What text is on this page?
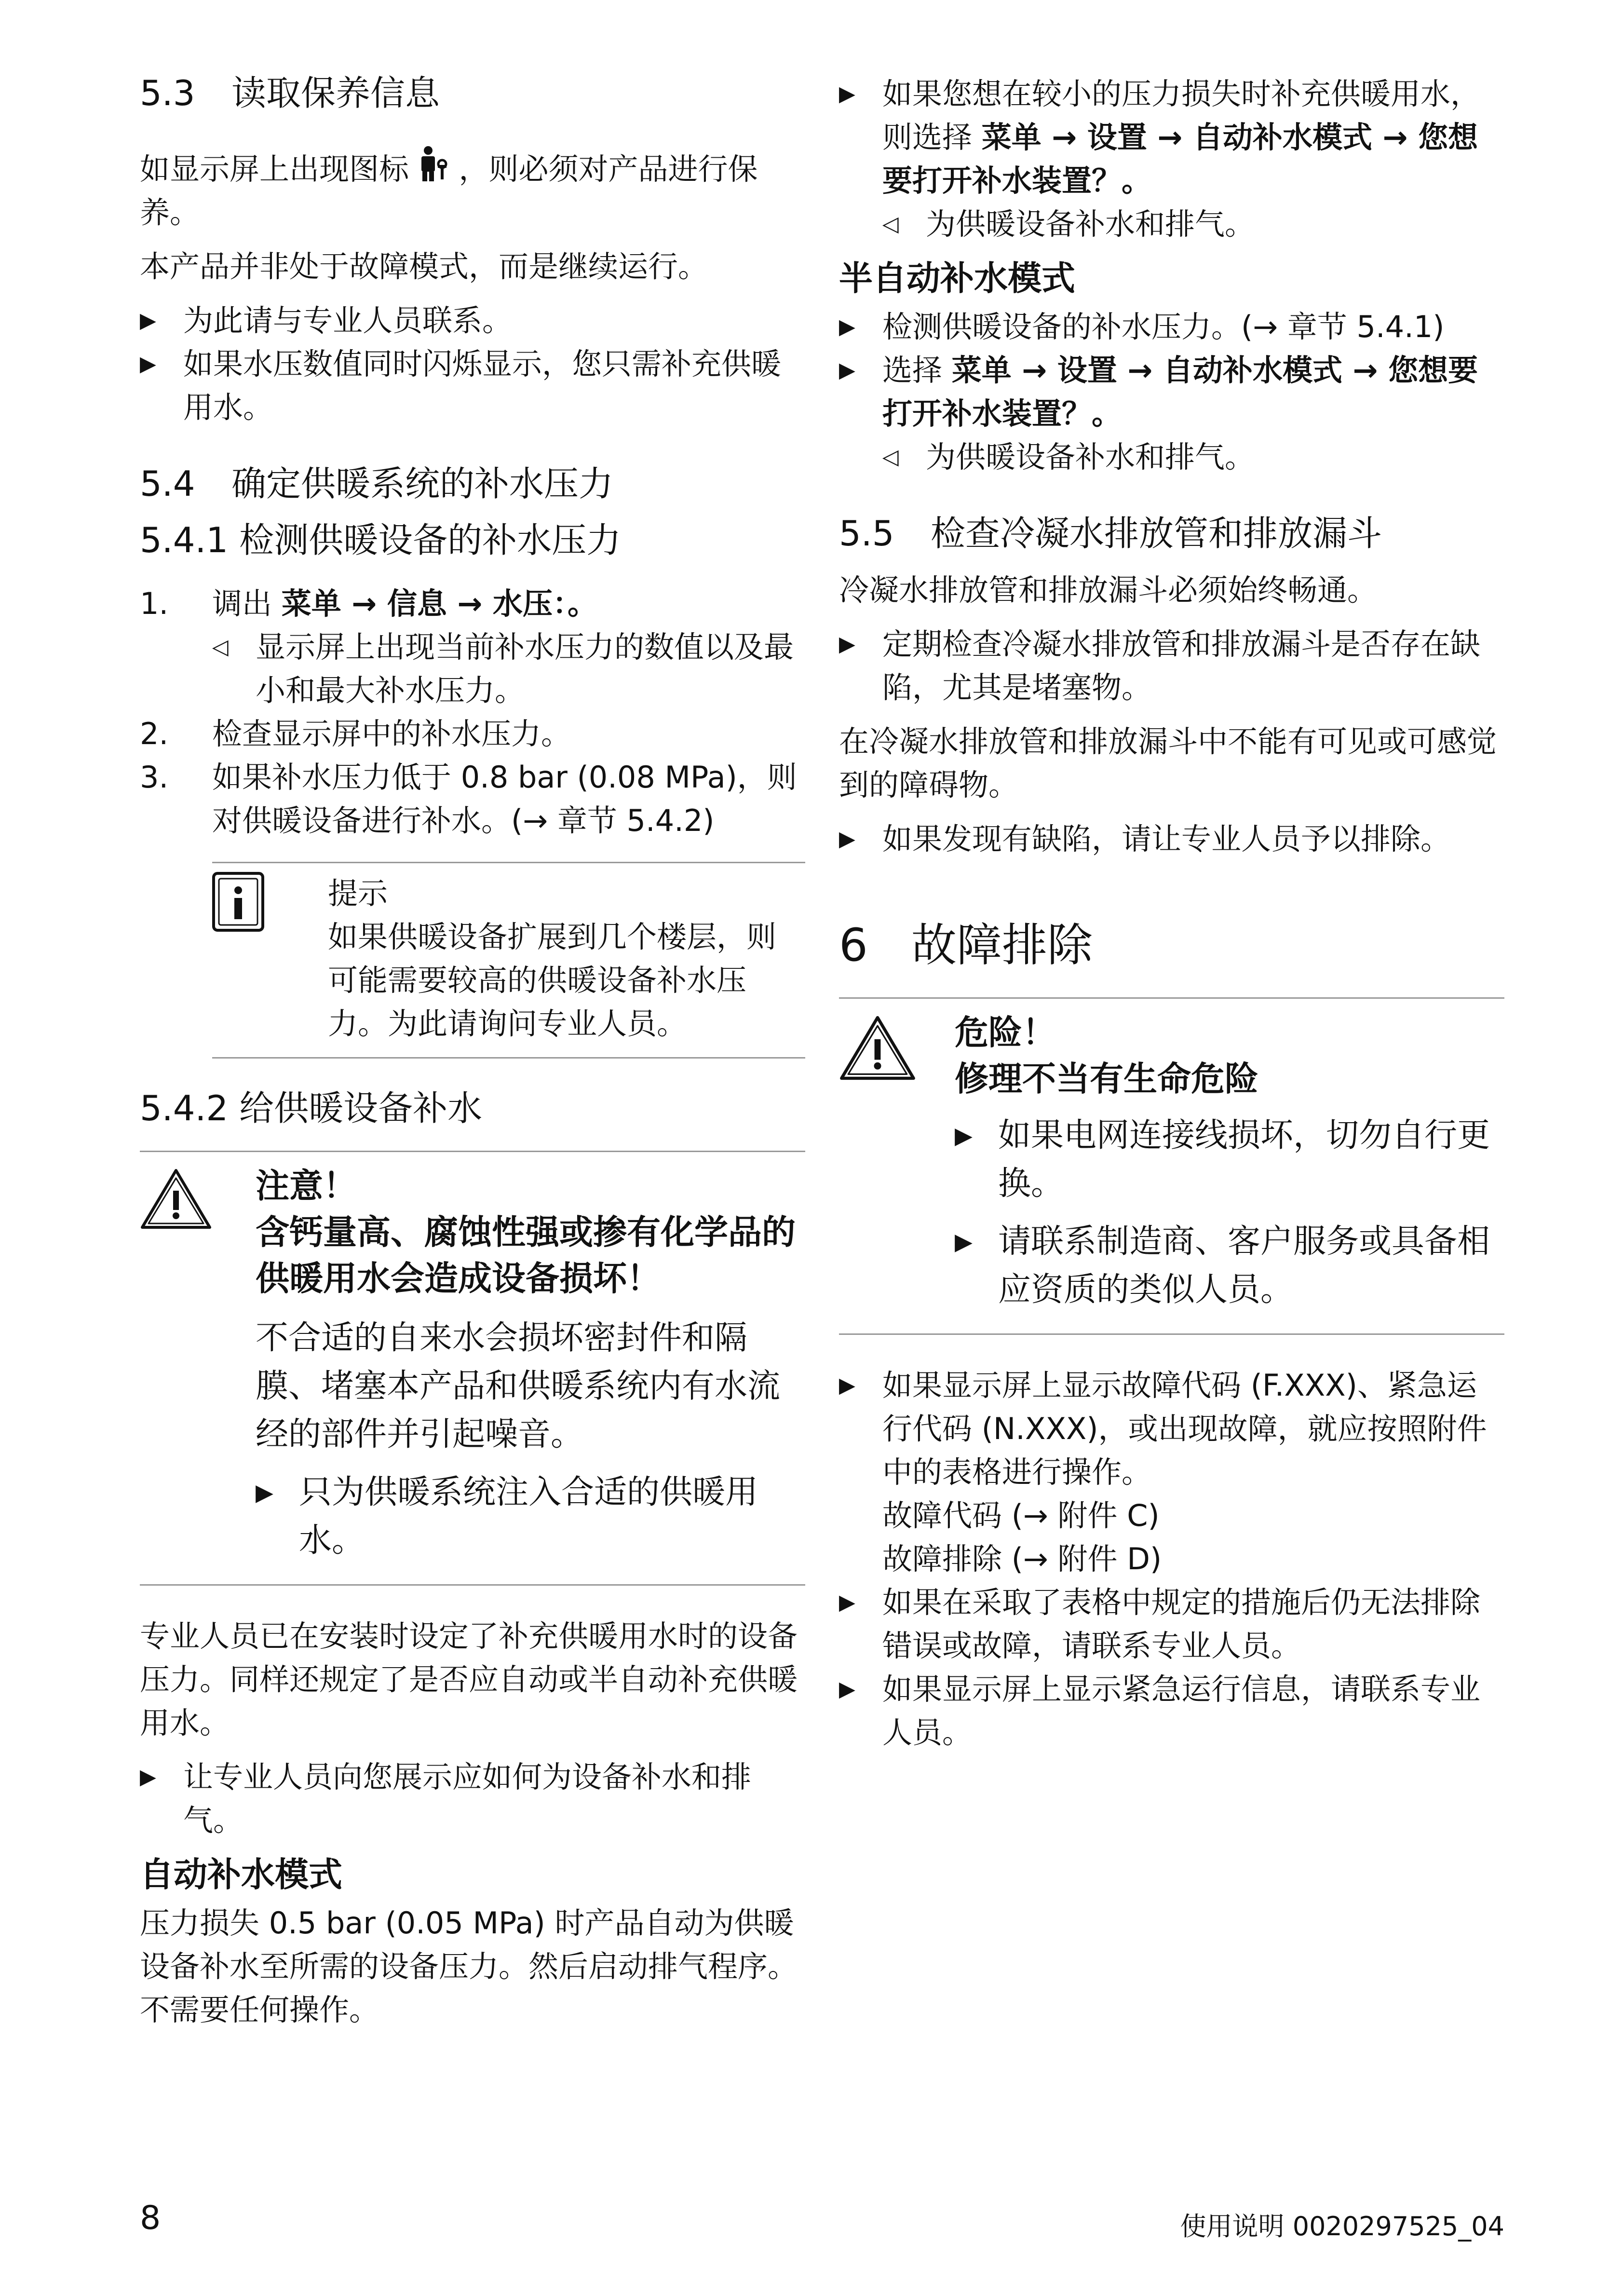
5.3 读取保养信息
如显示屏上出现图标 ，则必须对产品进行保养。
本产品并非处于故障模式，而是继续运行。
▶ 为此请与专业人员联系。
▶ 如果水压数值同时闪烁显示，您只需补充供暖用水。
5.4 确定供暖系统的补水压力
5.4.1 检测供暖设备的补水压力
1. 调出 菜单 → 信息 → 水压：。
◁ 显示屏上出现当前补水压力的数值以及最小和最大补水压力。
2. 检查显示屏中的补水压力。
3. 如果补水压力低于 0.8 bar (0.08 MPa)，则对供暖设备进行补水。(→ 章节 5.4.2)
提示
如果供暖设备扩展到几个楼层，则可能需要较高的供暖设备补水压力。为此请询问专业人员。
5.4.2 给供暖设备补水
注意！
含钙量高、腐蚀性强或掺有化学品的供暖用水会造成设备损坏！
不合适的自来水会损坏密封件和隔膜、堵塞本产品和供暖系统内有水流经的部件并引起噪音。
▶ 只为供暖系统注入合适的供暖用水。
专业人员已在安装时设定了补充供暖用水时的设备压力。同样还规定了是否应自动或半自动补充供暖用水。
▶ 让专业人员向您展示应如何为设备补水和排气。
自动补水模式
压力损失 0.5 bar (0.05 MPa) 时产品自动为供暖设备补水至所需的设备压力。然后启动排气程序。不需要任何操作。
▶ 如果您想在较小的压力损失时补充供暖用水，则选择 菜单 → 设置 → 自动补水模式 → 您想要打开补水装置？。
◁ 为供暖设备补水和排气。
半自动补水模式
▶ 检测供暖设备的补水压力。(→ 章节 5.4.1)
▶ 选择 菜单 → 设置 → 自动补水模式 → 您想要打开补水装置？。
◁ 为供暖设备补水和排气。
5.5 检查冷凝水排放管和排放漏斗
冷凝水排放管和排放漏斗必须始终畅通。
▶ 定期检查冷凝水排放管和排放漏斗是否存在缺陷，尤其是堵塞物。
在冷凝水排放管和排放漏斗中不能有可见或可感觉到的障碍物。
▶ 如果发现有缺陷，请让专业人员予以排除。
6 故障排除
危险！
修理不当有生命危险
▶ 如果电网连接线损坏，切勿自行更换。
▶ 请联系制造商、客户服务或具备相应资质的类似人员。
▶ 如果显示屏上显示故障代码 (F.XXX)、紧急运行代码 (N.XXX)，或出现故障，就应按照附件中的表格进行操作。
故障代码 (→ 附件 C)
故障排除 (→ 附件 D)
▶ 如果在采取了表格中规定的措施后仍无法排除错误或故障，请联系专业人员。
▶ 如果显示屏上显示紧急运行信息，请联系专业人员。
8	使用说明 0020297525_04
